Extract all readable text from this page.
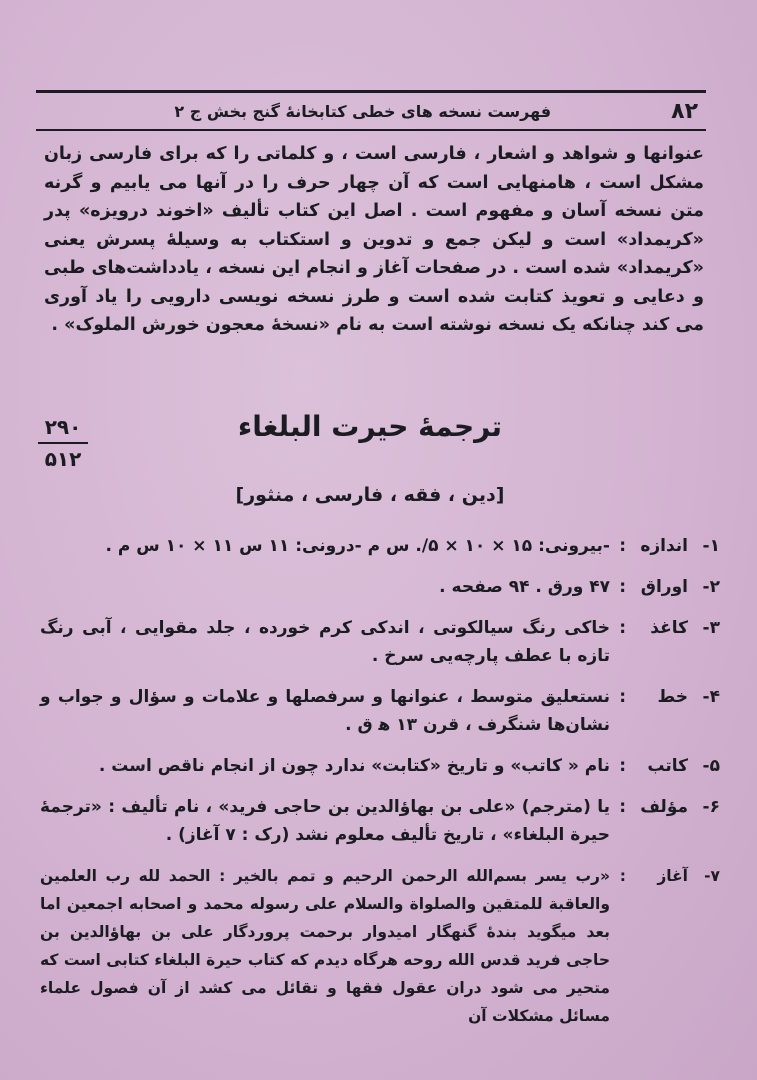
۸۲
فهرست نسخه های خطی کتابخانهٔ گنج بخش ج ۲

عنوانها و شواهد و اشعار ، فارسی است ، و کلماتی را که برای فارسی زبان مشکل است ، هامنهایی است که آن چهار حرف را در آنها می یابیم و گرنه متن نسخه آسان و مفهوم است . اصل این کتاب تألیف «اخوند درویزه» پدر «کریمداد» است و لیکن جمع و تدوین و استکتاب به وسیلهٔ پسرش یعنی «کریمداد» شده است . در صفحات آغاز و انجام این نسخه ، یادداشت‌های طبی و دعایی و تعویذ کتابت شده است و طرز نسخه نویسی دارویی را یاد آوری می کند چنانکه یک نسخه نوشته است به نام «نسخهٔ معجون خورش الملوک» .

۲۹۰
۵۱۲
ترجمهٔ حیرت البلغاء
[دین ، فقه ، فارسی ، منثور]
۱-
اندازه
:
-بیرونی: ۱۵ × ۱۰ × ۵/. س م -درونی: ۱۱ س ۱۱ × ۱۰ س م .
۲-
اوراق
:
۴۷ ورق . ۹۴ صفحه .
۳-
کاغذ
:
خاکی رنگ سیالکوتی ، اندکی کرم خورده ، جلد مقوایی ، آبی رنگ تازه با عطف پارچه‌یی سرخ .
۴-
خط
:
نستعلیق متوسط ، عنوانها و سرفصلها و علامات و سؤال و جواب و نشان‌ها شنگرف ، قرن ۱۳ ه‍ ق .
۵-
کاتب
:
نام « کاتب» و تاریخ «کتابت» ندارد چون از انجام ناقص است .
۶-
مؤلف
:
یا (مترجم) «علی بن بهاؤالدین بن حاجی فرید» ، نام تألیف : «ترجمهٔ حیرة البلغاء» ، تاریخ تألیف معلوم نشد (رک : ۷ آغاز) .
۷-
آغاز
:
«رب یسر بسم‌الله الرحمن الرحیم و تمم بالخیر : الحمد لله رب العلمین والعاقبة للمتقین والصلواة والسلام علی رسوله محمد و اصحابه اجمعین اما بعد میگوید بندهٔ گنهگار امیدوار برحمت پروردگار علی بن بهاؤالدین بن حاجی فرید قدس الله روحه هرگاه دیدم که کتاب حیرة البلغاء کتابی است که متحیر می شود دران عقول فقها و تقائل می کشد از آن فصول علماء مسائل مشکلات آن
